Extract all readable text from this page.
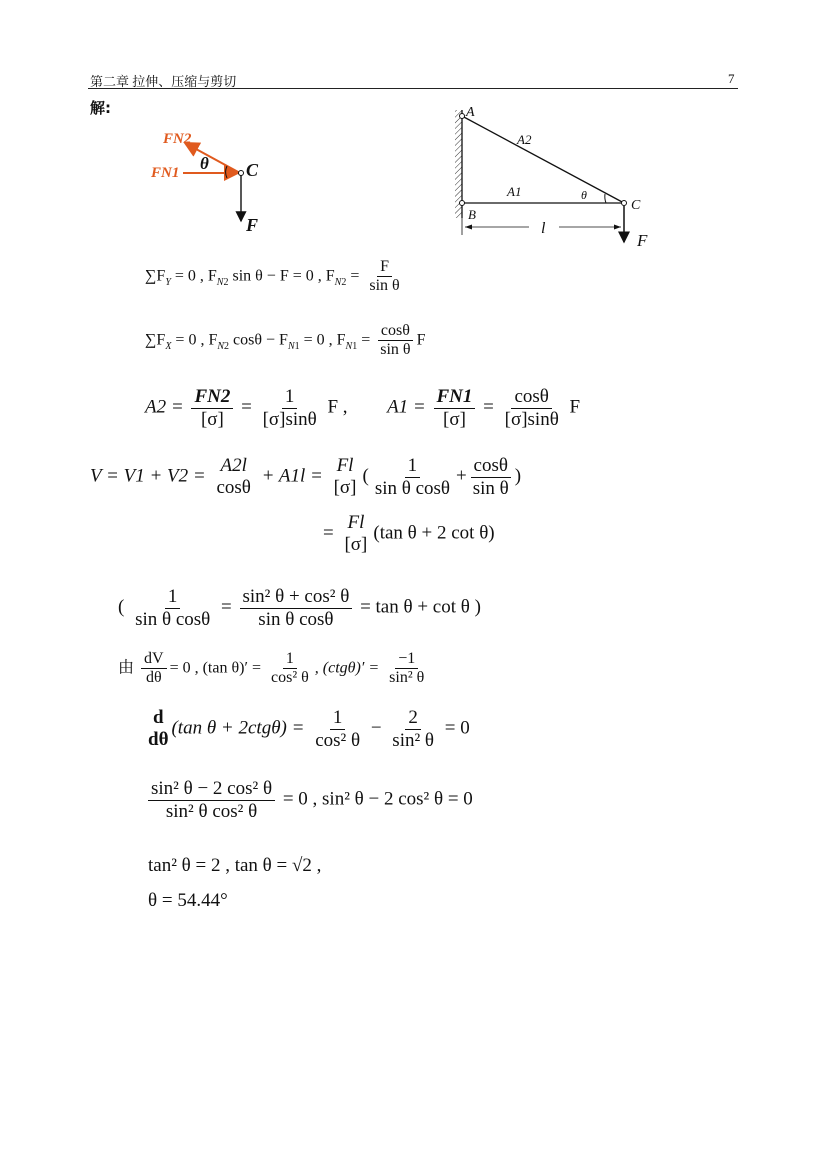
第二章 拉伸、压缩与剪切	7
解:
FN2
FN1 θ C
F
A
A2
A1	θ
C
B
l
F
$\sum F_Y = 0$ , $F_{N2}$ sin θ − F = 0 , $F_{N2} = \frac{F}{\text{sin θ}}$
$\sum F_X = 0$ , $F_{N2}$ $\cos\theta - F_{N1} = 0$ , $F_{N1} = \frac{\cos\theta}{\text{sin θ}}$ F
$A2 = \frac{FN2}{[\sigma]} = \frac{1}{[\sigma]\sin\theta}$ F , $A1 = \frac{FN1}{[\sigma]} = \frac{\cos\theta}{[\sigma]\sin\theta}$ F
V = V1 + V2 = A2l
cosθ
+ A1l = Fl
[σ]
( $\frac{1}{\text{sin θ cosθ}} + \frac{\cos\theta}{\text{sin θ}}$ )
= Fl
[σ]
(tan θ + 2 cot θ)
( $\frac{1}{\text{sin θ cosθ}} = \frac{\text{sin² θ + cos² θ}}{\text{sin θ cosθ}} = \tan \theta + \cot \theta$ )
由 $\frac{dV}{d\theta} = 0$ , (tan $\theta)' = \frac{1}{\text{cos² θ}}$ , $(ctg\theta)' = \frac{-1}{\text{sin² θ}}$
d
dθ
(tan $\theta + 2ctg\theta) = \frac{1}{\text{cos² θ}} - \frac{2}{\text{sin² θ}} = 0$
$\frac{\text{sin² θ − 2 cos² θ}}{\text{sin² θ cos² θ}} = 0$ , sin² θ − 2 cos² θ = 0
tan² θ = 2 , tan θ = √2 ,
θ = 54.44°
